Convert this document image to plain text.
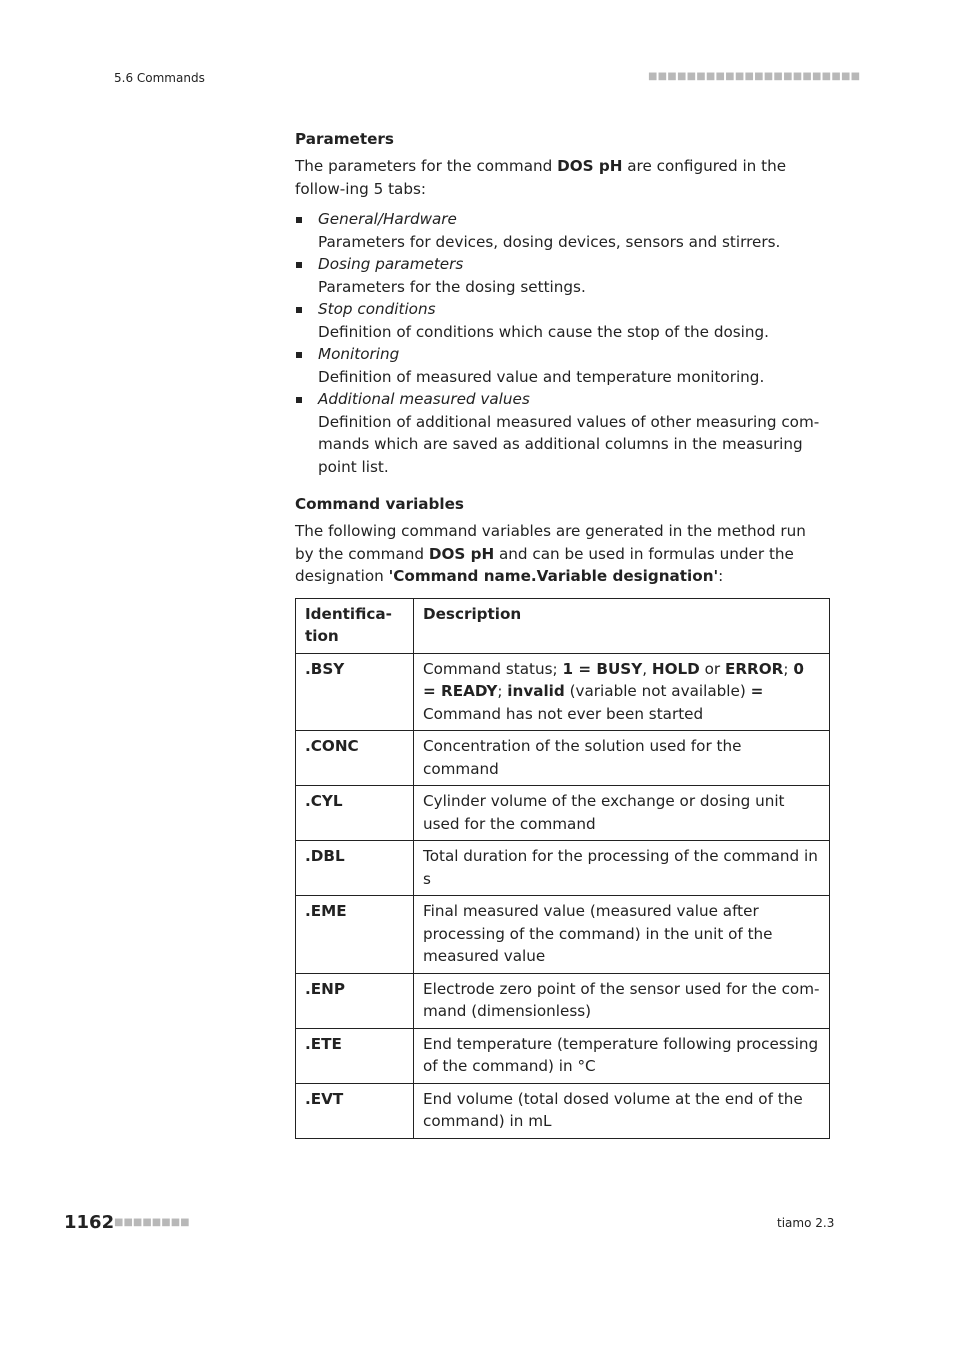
5.6 Commands	■■■■■■■■■■■■■■■■■■■■■■
Parameters

The parameters for the command DOS pH are configured in the follow-ing 5 tabs:

General/Hardware
Parameters for devices, dosing devices, sensors and stirrers.
Dosing parameters
Parameters for the dosing settings.
Stop conditions
Definition of conditions which cause the stop of the dosing.
Monitoring
Definition of measured value and temperature monitoring.
Additional measured values
Definition of additional measured values of other measuring com-mands which are saved as additional columns in the measuring point list.
Command variables

The following command variables are generated in the method run by the command DOS pH and can be used in formulas under the designation 'Command name.Variable designation':

Identifica-tion	Description
.BSY	Command status; 1 = BUSY, HOLD or ERROR; 0 = READY; invalid (variable not available) = Command has not ever been started
.CONC	Concentration of the solution used for the command
.CYL	Cylinder volume of the exchange or dosing unit used for the command
.DBL	Total duration for the processing of the command in s
.EME	Final measured value (measured value after processing of the command) in the unit of the measured value
.ENP	Electrode zero point of the sensor used for the com-mand (dimensionless)
.ETE	End temperature (temperature following processing of the command) in °C
.EVT	End volume (total dosed volume at the end of the command) in mL
1162 ■■■■■■■■	tiamo 2.3
